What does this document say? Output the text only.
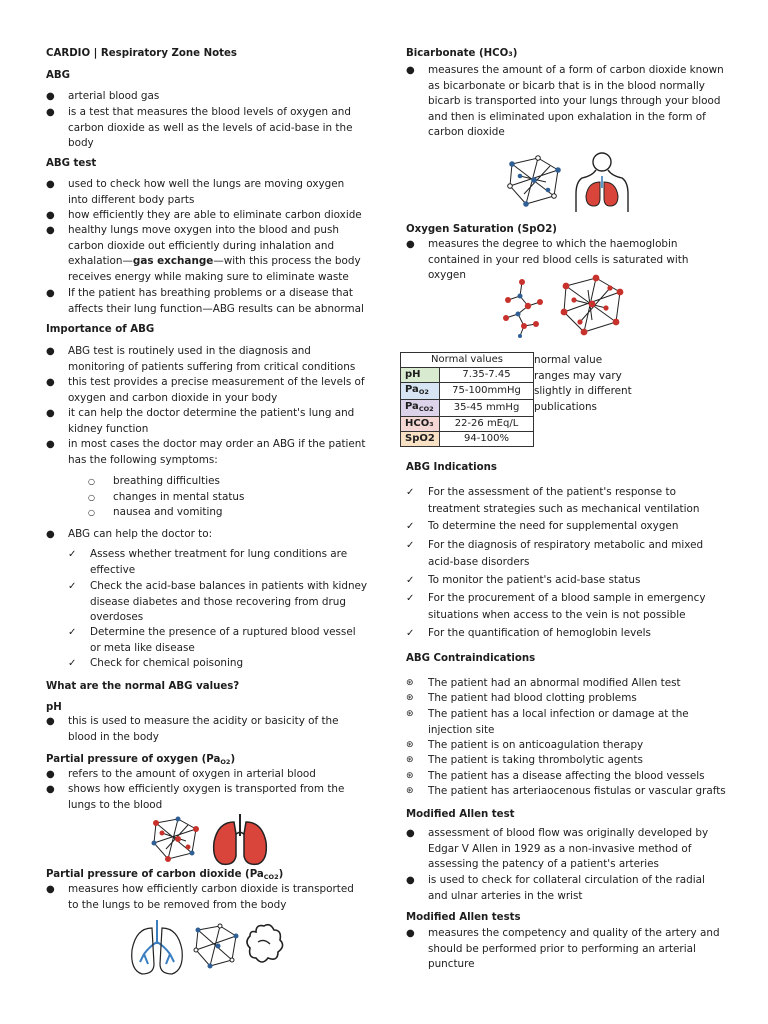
CARDIO | Respiratory Zone Notes
ABG
● arterial blood gas
● is a test that measures the blood levels of oxygen and carbon dioxide as well as the levels of acid-base in the body
ABG test
● used to check how well the lungs are moving oxygen into different body parts
● how efficiently they are able to eliminate carbon dioxide
● healthy lungs move oxygen into the blood and push carbon dioxide out efficiently during inhalation and exhalation—gas exchange—with this process the body receives energy while making sure to eliminate waste
● If the patient has breathing problems or a disease that affects their lung function—ABG results can be abnormal
Importance of ABG
● ABG test is routinely used in the diagnosis and monitoring of patients suffering from critical conditions
● this test provides a precise measurement of the levels of oxygen and carbon dioxide in your body
● it can help the doctor determine the patient's lung and kidney function
● in most cases the doctor may order an ABG if the patient has the following symptoms:
○ breathing difficulties
○ changes in mental status
○ nausea and vomiting
● ABG can help the doctor to:
✓ Assess whether treatment for lung conditions are effective
✓ Check the acid-base balances in patients with kidney disease diabetes and those recovering from drug overdoses
✓ Determine the presence of a ruptured blood vessel or meta like disease
✓ Check for chemical poisoning
What are the normal ABG values?
pH
● this is used to measure the acidity or basicity of the blood in the body
Partial pressure of oxygen $(Pa_{O2})$
● refers to the amount of oxygen in arterial blood
● shows how efficiently oxygen is transported from the lungs to the blood
Partial pressure of carbon dioxide $(Pa_{CO2})$
● measures how efficiently carbon dioxide is transported to the lungs to be removed from the body
Bicarbonate (HCO₃)
● measures the amount of a form of carbon dioxide known as bicarbonate or bicarb that is in the blood normally bicarb is transported into your lungs through your blood and then is eliminated upon exhalation in the form of carbon dioxide
Oxygen Saturation (SpO2)
● measures the degree to which the haemoglobin contained in your red blood cells is saturated with oxygen
Normal values	
pH	7.35-7.45
$Pa_{O2}$	75-100mmHg
$Pa_{CO2}$	35-45 mmHg
HCO₃	22-26 mEq/L
SpO2	94-100%
normal value ranges may vary slightly in different publications
ABG Indications
✓ For the assessment of the patient's response to treatment strategies such as mechanical ventilation
✓ To determine the need for supplemental oxygen
✓ For the diagnosis of respiratory metabolic and mixed acid-base disorders
✓ To monitor the patient's acid-base status
✓ For the procurement of a blood sample in emergency situations when access to the vein is not possible
✓ For the quantification of hemoglobin levels
ABG Contraindications
⊛ The patient had an abnormal modified Allen test
⊛ The patient had blood clotting problems
⊛ The patient has a local infection or damage at the injection site
⊛ The patient is on anticoagulation therapy
⊛ The patient is taking thrombolytic agents
⊛ The patient has a disease affecting the blood vessels
⊛ The patient has arteriaocenous fistulas or vascular grafts
Modified Allen test
● assessment of blood flow was originally developed by Edgar V Allen in 1929 as a non-invasive method of assessing the patency of a patient's arteries
● is used to check for collateral circulation of the radial and ulnar arteries in the wrist
Modified Allen tests
● measures the competency and quality of the artery and should be performed prior to performing an arterial puncture
